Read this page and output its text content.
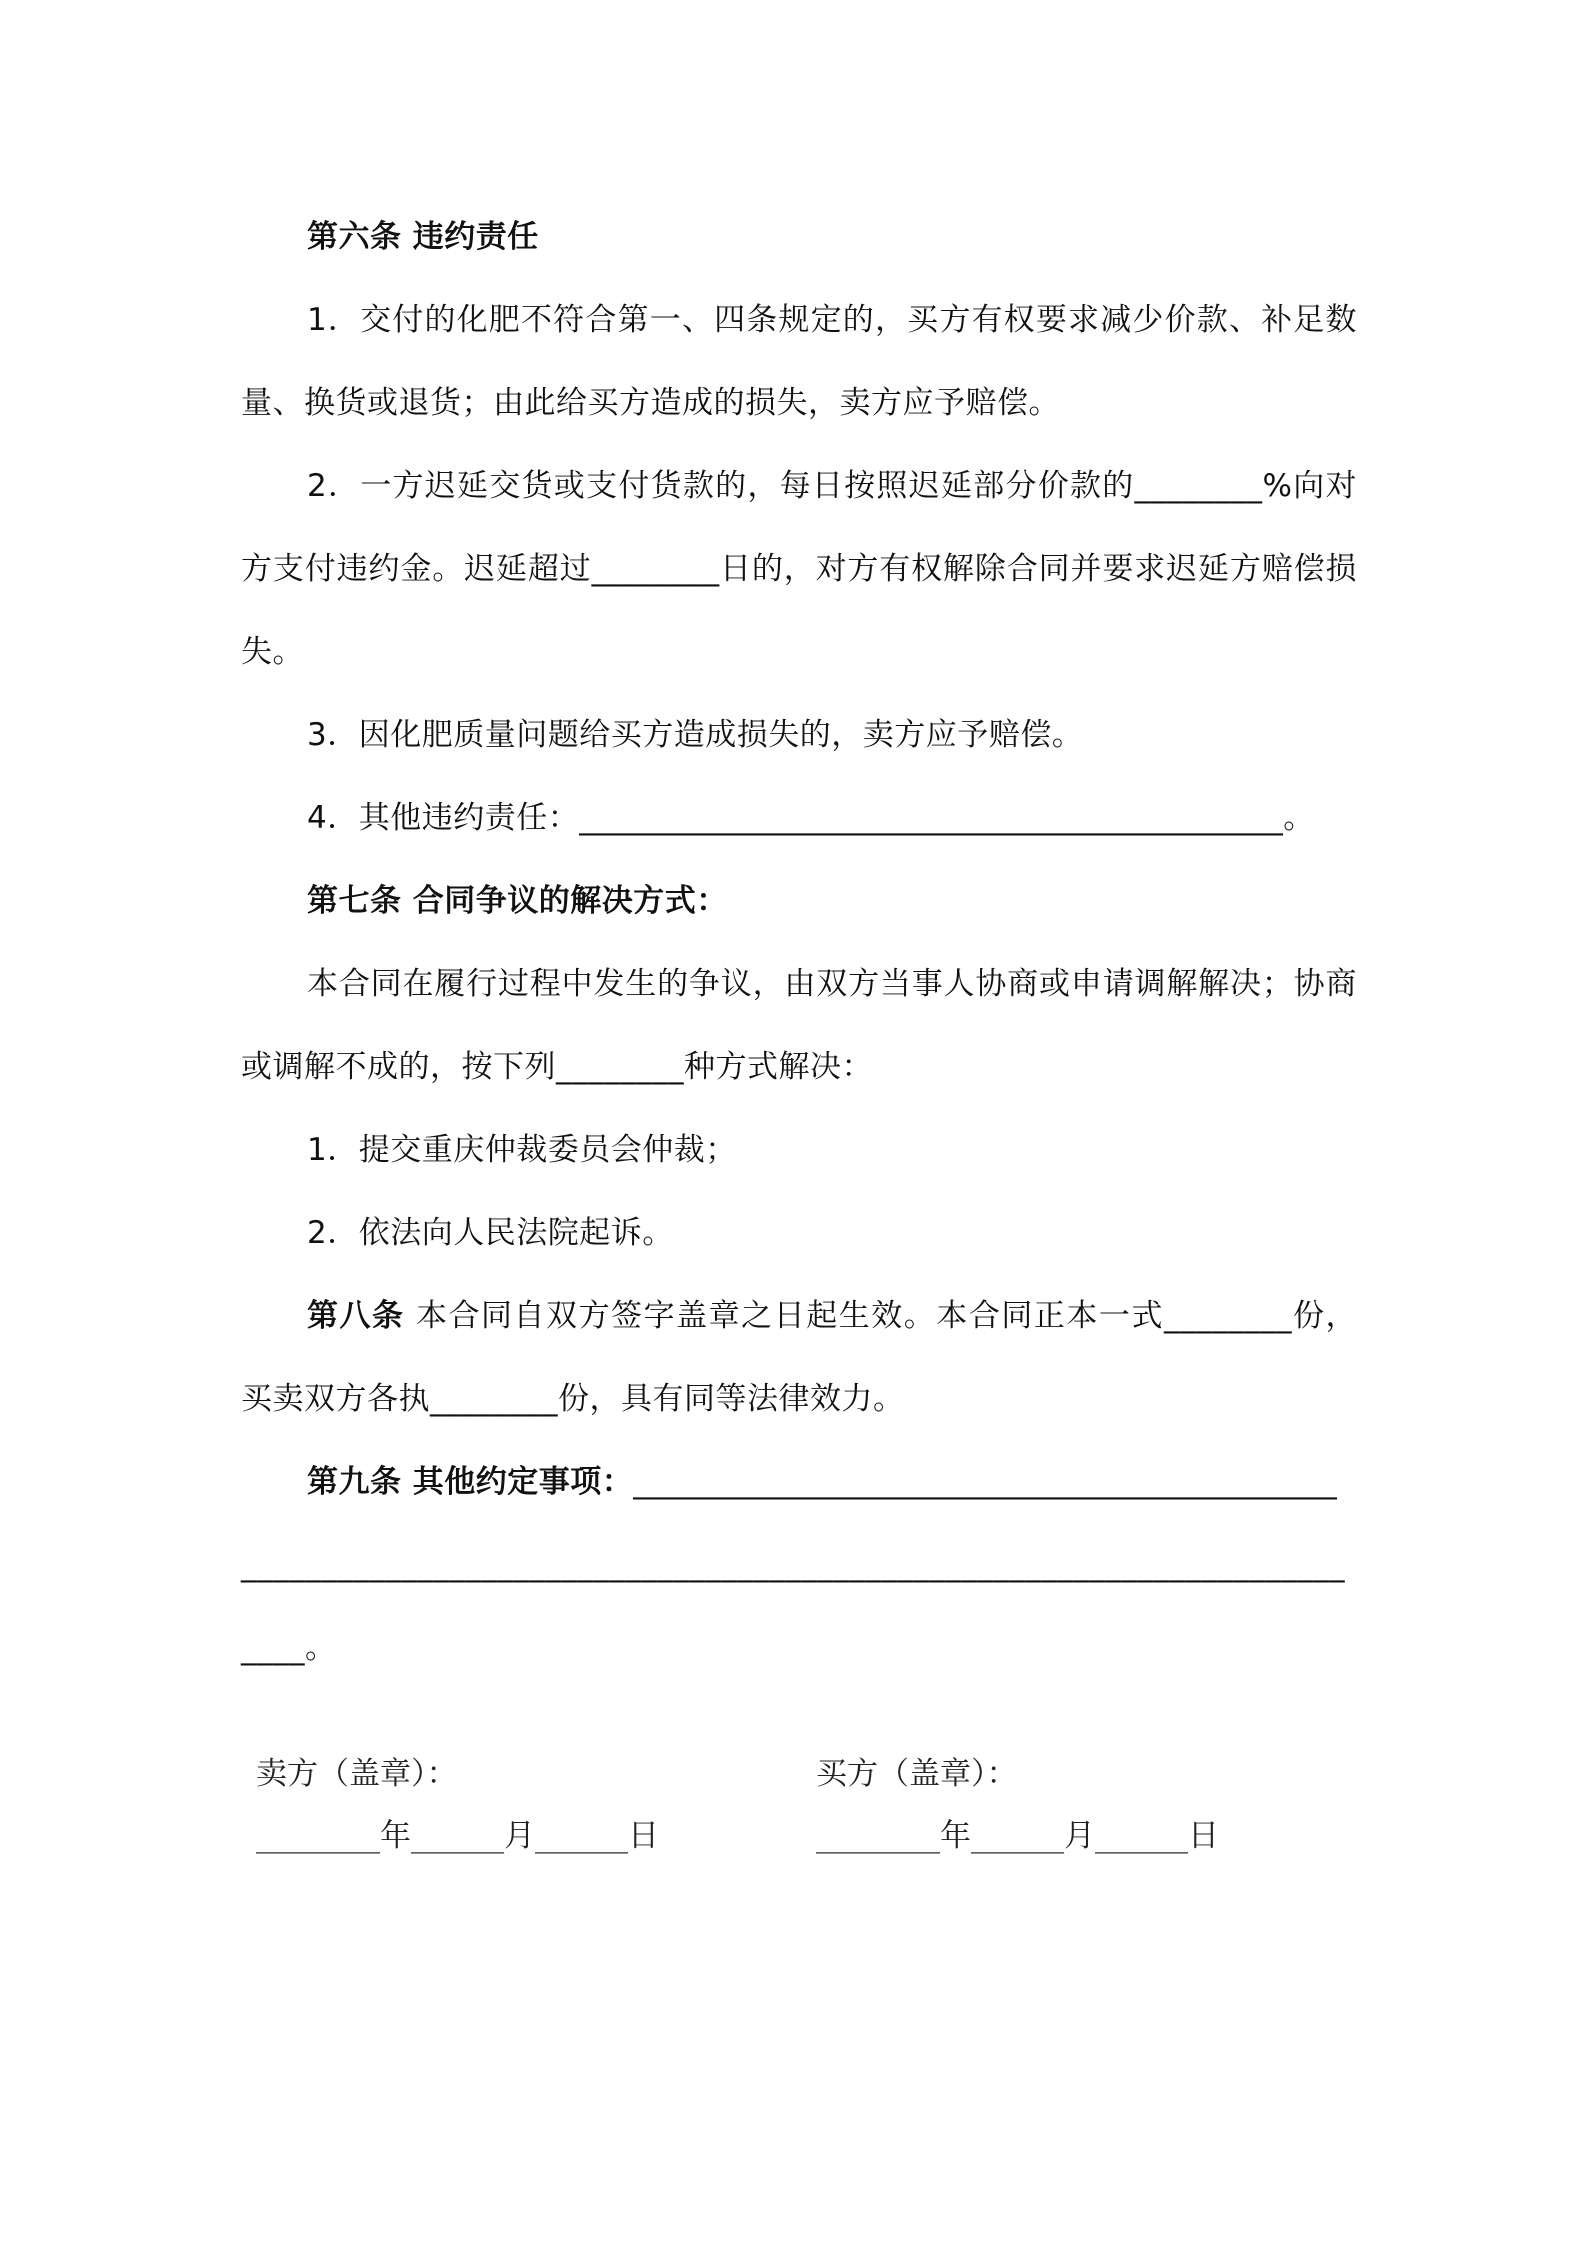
第六条 违约责任

1．交付的化肥不符合第一、四条规定的，买方有权要求减少价款、补足数量、换货或退货；由此给买方造成的损失，卖方应予赔偿。

2．一方迟延交货或支付货款的，每日按照迟延部分价款的________%向对方支付违约金。迟延超过________日的，对方有权解除合同并要求迟延方赔偿损失。

3．因化肥质量问题给买方造成损失的，卖方应予赔偿。

4．其他违约责任：____________________________________________。

第七条 合同争议的解决方式：

本合同在履行过程中发生的争议，由双方当事人协商或申请调解解决；协商或调解不成的，按下列________种方式解决：

1．提交重庆仲裁委员会仲裁；

2．依法向人民法院起诉。

第八条 本合同自双方签字盖章之日起生效。本合同正本一式________份，买卖双方各执________份，具有同等法律效力。

第九条 其他约定事项：____________________________________________

_____________________________________________________________________

____。

卖方（盖章）：
________年______月______日
买方（盖章）：
________年______月______日
